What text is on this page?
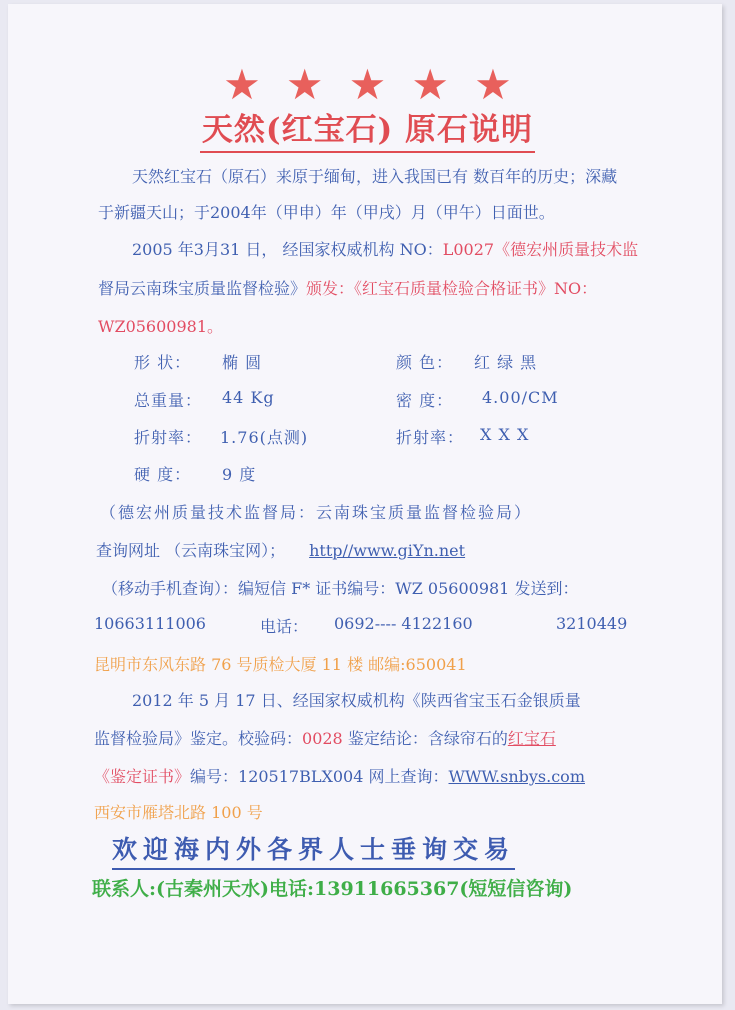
★ ★ ★ ★ ★
天然(红宝石) 原石说明
天然红宝石（原石）来原于缅甸，进入我国已有 数百年的历史；深藏
于新疆天山；于2004年（甲申）年（甲戌）月（甲午）日面世。
2005 年3月31 日， 经国家权威机构 NO：L0027《德宏州质量技术监
督局云南珠宝质量监督检验》颁发：《红宝石质量检验合格证书》NO：
WZ05600981。
形 状： 椭 圆	颜 色： 红 绿 黑
总重量： 44 Kg	密 度： 4.00/CM
折射率： 1.76(点测)	折射率： X X X
硬 度： 9 度
（德宏州质量技术监督局：云南珠宝质量监督检验局）
查询网址 （云南珠宝网）； http//www.giYn.net
（移动手机查询）：编短信 F* 证书编号：WZ 05600981 发送到：
10663111006	电话： 0692---- 4122160	3210449
昆明市东风东路 76 号质检大厦 11 楼 邮编:650041
2012 年 5 月 17 日、经国家权威机构《陕西省宝玉石金银质量
监督检验局》鉴定。校验码：0028 鉴定结论：含绿帘石的红宝石
《鉴定证书》编号：120517BLX004 网上查询：WWW.snbys.com
西安市雁塔北路 100 号
欢迎海内外各界人士垂询交易
联系人:(古秦州天水)电话:13911665367(短短信咨询)
